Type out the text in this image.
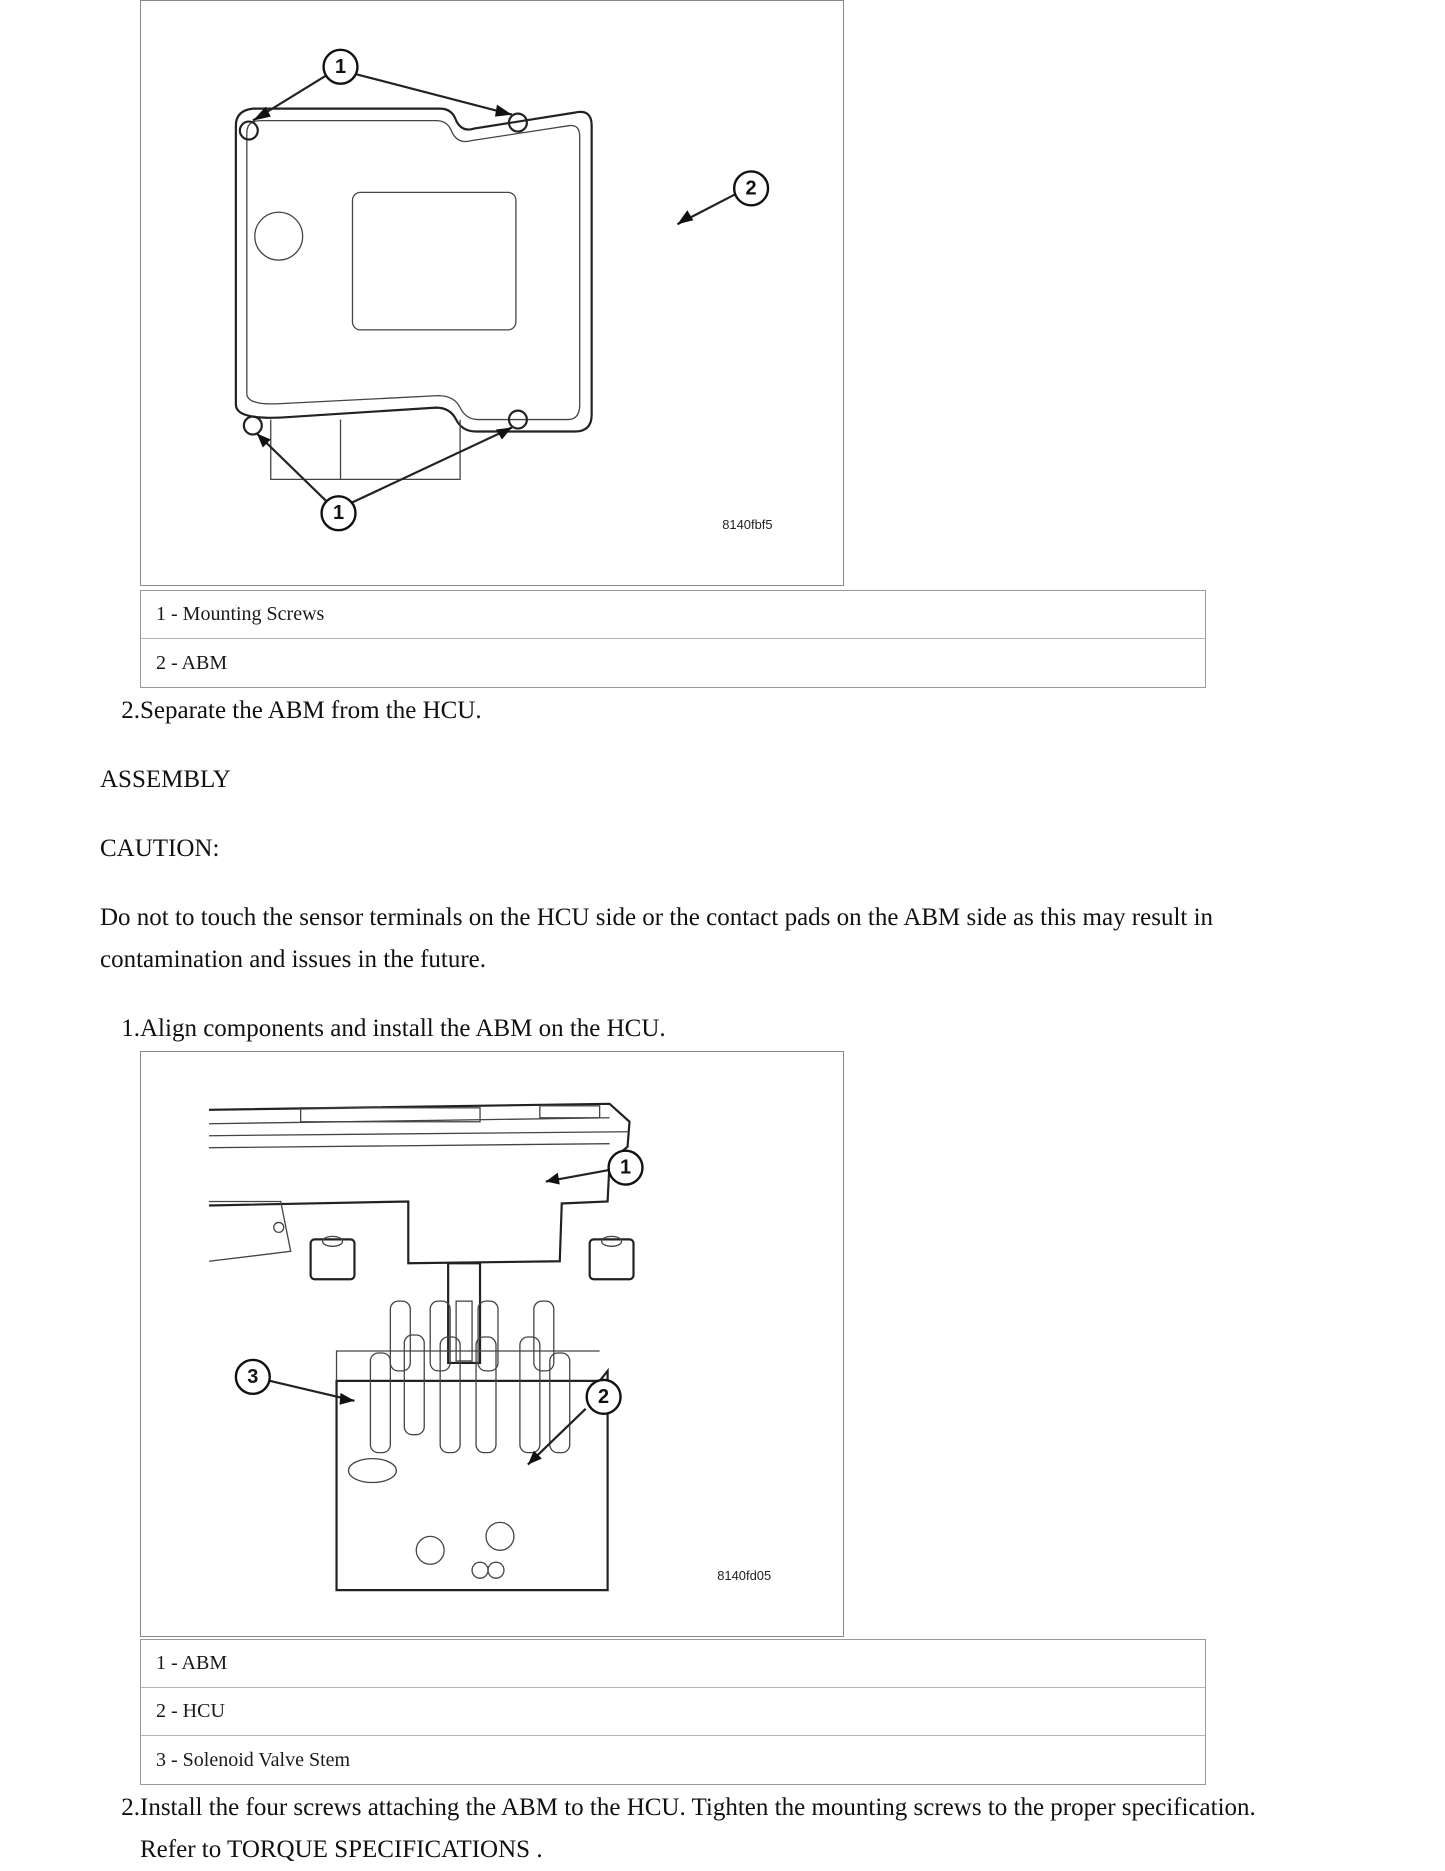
1
1
2
8140fbf5
1 - Mounting Screws
2 - ABM
2. Separate the ABM from the HCU.
ASSEMBLY
CAUTION:
Do not to touch the sensor terminals on the HCU side or the contact pads on the ABM side as this may result in contamination and issues in the future.
1. Align components and install the ABM on the HCU.
1
2
3
8140fd05
1 - ABM
2 - HCU
3 - Solenoid Valve Stem
2. Install the four screws attaching the ABM to the HCU. Tighten the mounting screws to the proper specification. Refer to TORQUE SPECIFICATIONS .
